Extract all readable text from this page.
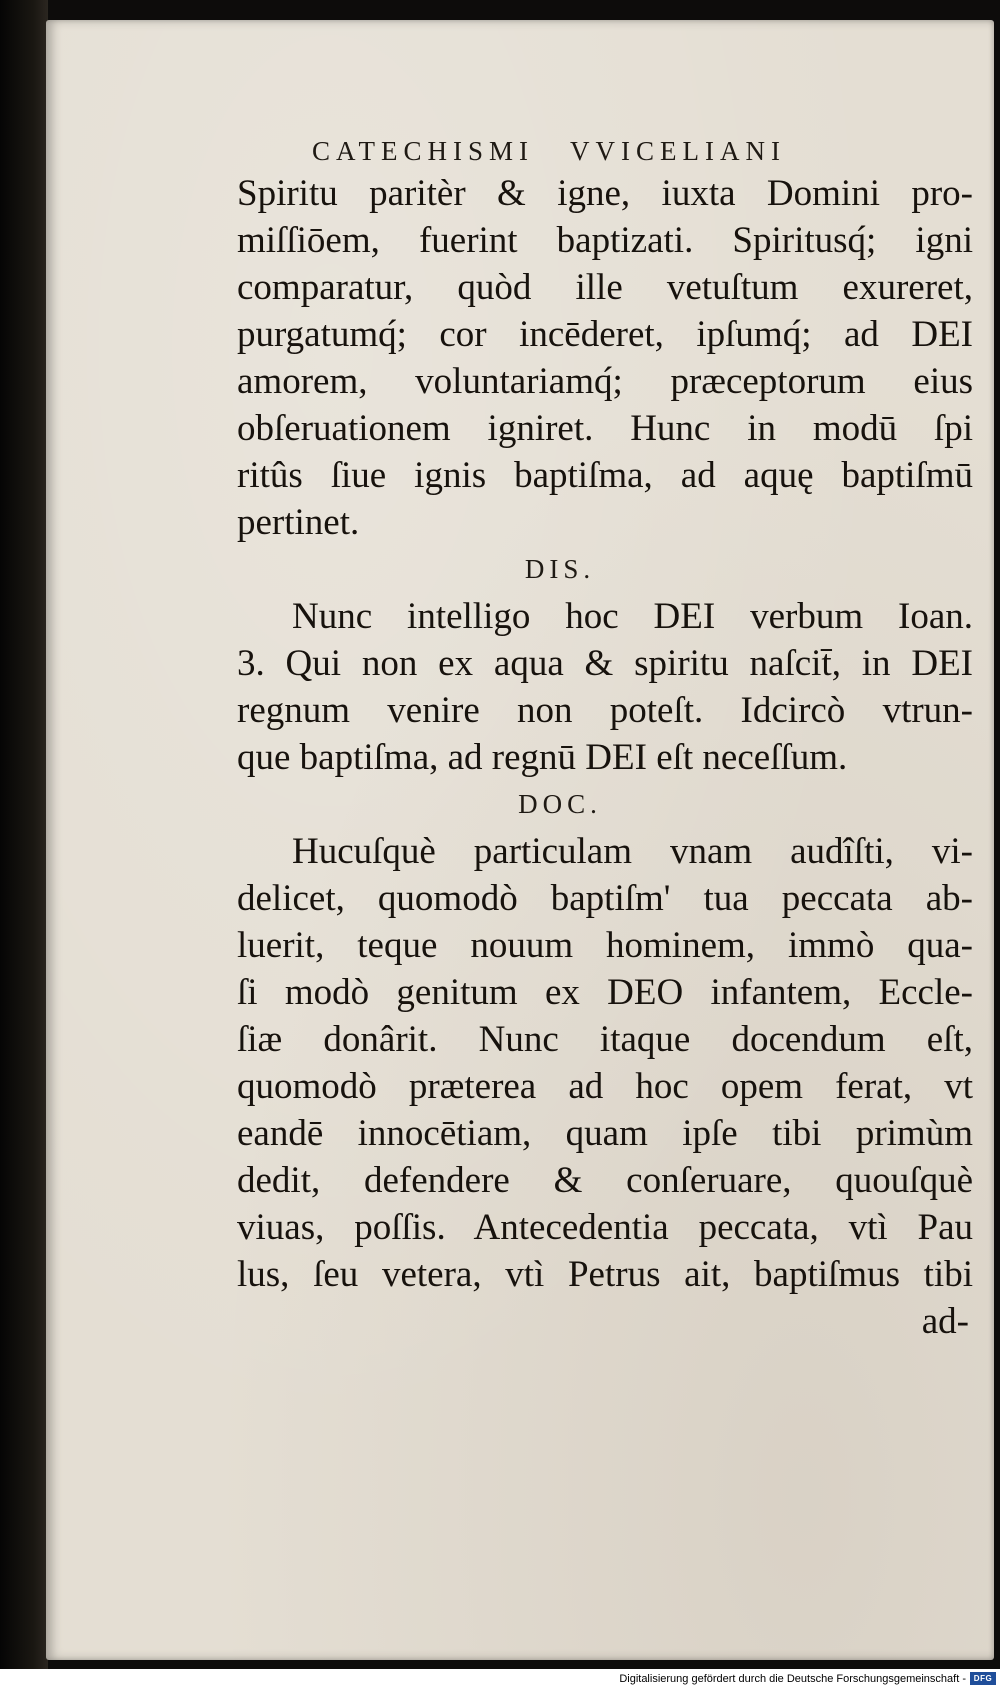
CATECHISMI VVICELIANI
Spiritu paritèr & igne, iuxta Domini pro-
miſſiōem, fuerint baptizati. Spiritusq́; igni
comparatur, quòd ille vetuſtum exureret,
purgatumq́; cor incēderet, ipſumq́; ad DEI
amorem, voluntariamq́; præceptorum eius
obſeruationem igniret. Hunc in modū ſpi
ritûs ſiue ignis baptiſma, ad aquę baptiſmū
pertinet.
DIS.
Nunc intelligo hoc DEI verbum Ioan.
3. Qui non ex aqua & spiritu naſcit̄, in DEI
regnum venire non poteſt. Idcircò vtrun-
que baptiſma, ad regnū DEI eſt neceſſum.
DOC.
Hucuſquè particulam vnam audîſti, vi-
delicet, quomodò baptiſm' tua peccata ab-
luerit, teque nouum hominem, immò qua-
ſi modò genitum ex DEO infantem, Eccle-
ſiæ donârit. Nunc itaque docendum eſt,
quomodò præterea ad hoc opem ferat, vt
eandē innocētiam, quam ipſe tibi primùm
dedit, defendere & conſeruare, quouſquè
viuas, poſſis. Antecedentia peccata, vtì Pau
lus, ſeu vetera, vtì Petrus ait, baptiſmus tibi
ad-
Digitalisierung gefördert durch die Deutsche Forschungsgemeinschaft - DFG
